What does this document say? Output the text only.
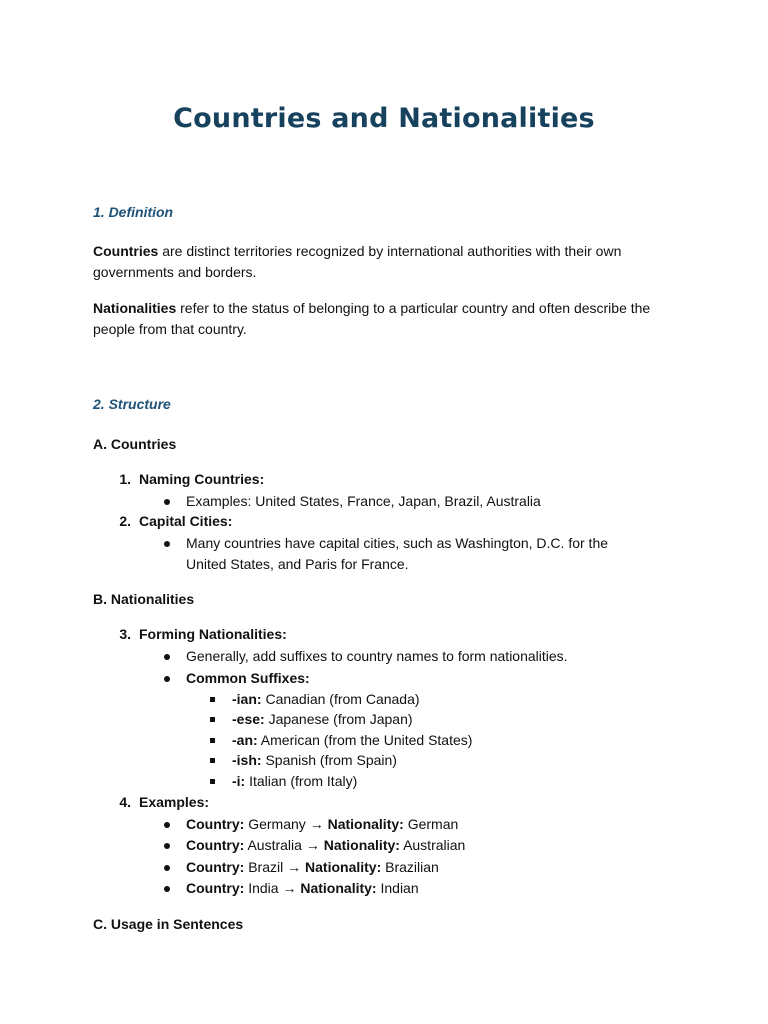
Countries and Nationalities
1. Definition
Countries are distinct territories recognized by international authorities with their own governments and borders.
Nationalities refer to the status of belonging to a particular country and often describe the people from that country.
2. Structure
A. Countries
1. Naming Countries:
Examples: United States, France, Japan, Brazil, Australia
2. Capital Cities:
Many countries have capital cities, such as Washington, D.C. for the United States, and Paris for France.
B. Nationalities
3. Forming Nationalities:
Generally, add suffixes to country names to form nationalities.
Common Suffixes:
-ian: Canadian (from Canada)
-ese: Japanese (from Japan)
-an: American (from the United States)
-ish: Spanish (from Spain)
-i: Italian (from Italy)
4. Examples:
Country: Germany → Nationality: German
Country: Australia → Nationality: Australian
Country: Brazil → Nationality: Brazilian
Country: India → Nationality: Indian
C. Usage in Sentences
